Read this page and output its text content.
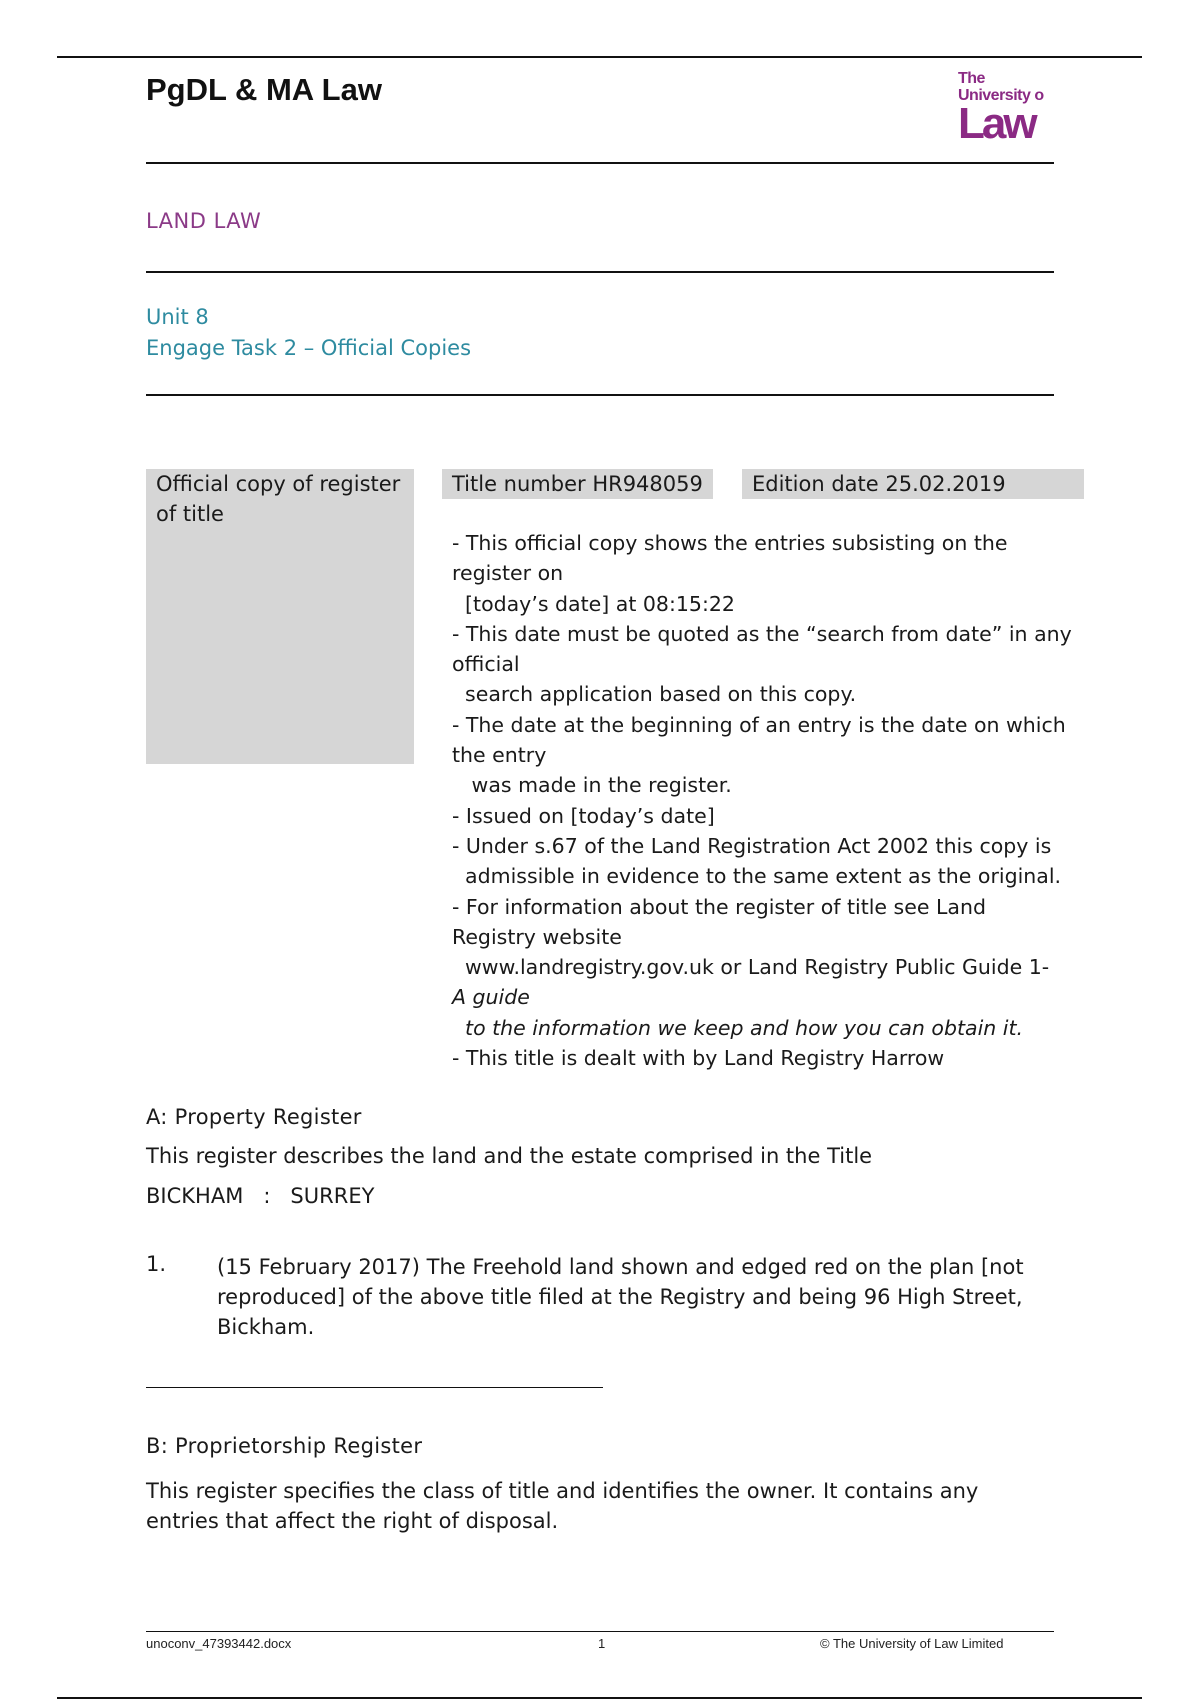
PgDL & MA Law	The
University o
Law
LAND LAW
Unit 8
Engage Task 2 – Official Copies
Official copy of register of title
Title number HR948059	Edition date 25.02.2019
- This official copy shows the entries subsisting on the
register on
[today’s date] at 08:15:22
- This date must be quoted as the “search from date” in any
official
search application based on this copy.
- The date at the beginning of an entry is the date on which
the entry
was made in the register.
- Issued on [today’s date]
- Under s.67 of the Land Registration Act 2002 this copy is
admissible in evidence to the same extent as the original.
- For information about the register of title see Land
Registry website
www.landregistry.gov.uk or Land Registry Public Guide 1-
A guide
to the information we keep and how you can obtain it.
- This title is dealt with by Land Registry Harrow
A: Property Register
This register describes the land and the estate comprised in the Title
BICKHAM   :   SURREY
1. (15 February 2017) The Freehold land shown and edged red on the plan [not reproduced] of the above title filed at the Registry and being 96 High Street, Bickham.
B: Proprietorship Register
This register specifies the class of title and identifies the owner. It contains any entries that affect the right of disposal.
unoconv_47393442.docx	1	© The University of Law Limited
